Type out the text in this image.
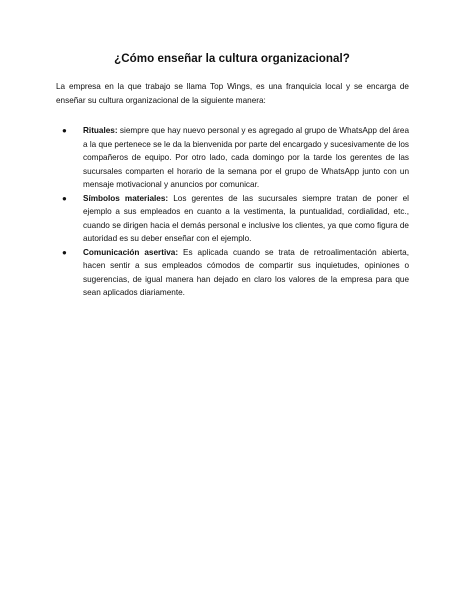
¿Cómo enseñar la cultura organizacional?

La empresa en la que trabajo se llama Top Wings, es una franquicia local y se encarga de enseñar su cultura organizacional de la siguiente manera:

● Rituales: siempre que hay nuevo personal y es agregado al grupo de WhatsApp del área a la que pertenece se le da la bienvenida por parte del encargado y sucesivamente de los compañeros de equipo. Por otro lado, cada domingo por la tarde los gerentes de las sucursales comparten el horario de la semana por el grupo de WhatsApp junto con un mensaje motivacional y anuncios por comunicar.
● Símbolos materiales: Los gerentes de las sucursales siempre tratan de poner el ejemplo a sus empleados en cuanto a la vestimenta, la puntualidad, cordialidad, etc., cuando se dirigen hacia el demás personal e inclusive los clientes, ya que como figura de autoridad es su deber enseñar con el ejemplo.
● Comunicación asertiva: Es aplicada cuando se trata de retroalimentación abierta, hacen sentir a sus empleados cómodos de compartir sus inquietudes, opiniones o sugerencias, de igual manera han dejado en claro los valores de la empresa para que sean aplicados diariamente.
